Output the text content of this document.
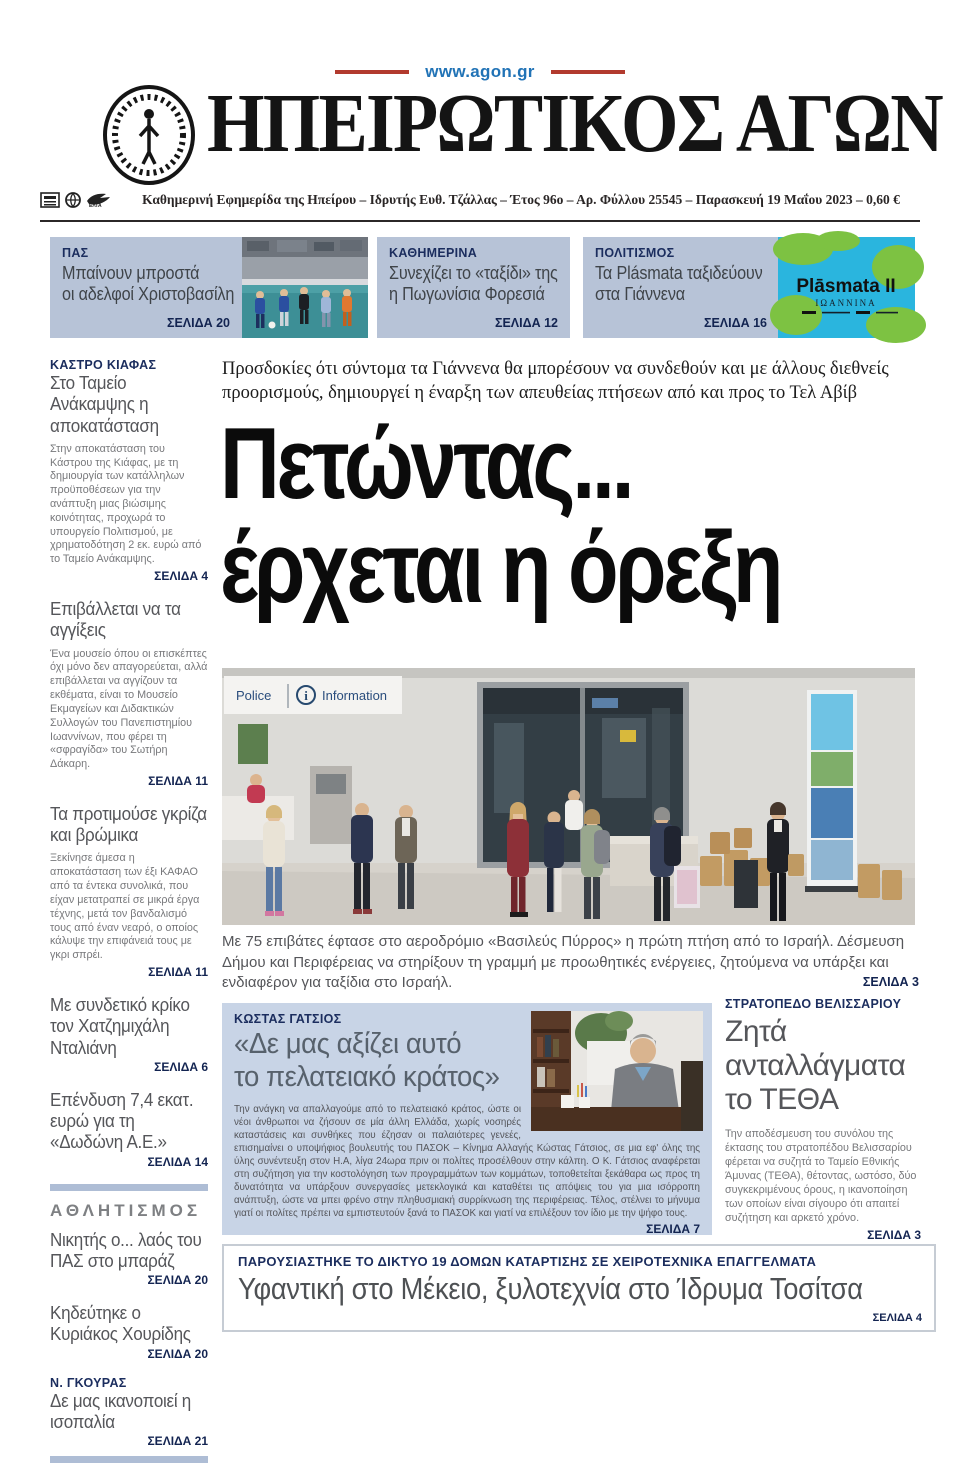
www.agon.gr
ΗΠΕΙΡΩΤΙΚΟΣ ΑΓΩΝ
ΕΛΤΑ	Καθημερινή Εφημερίδα της Ηπείρου – Ιδρυτής Ευθ. Τζάλλας – Έτος 96ο – Αρ. Φύλλου 25545 – Παρασκευή 19 Μαΐου 2023 – 0,60 €
ΠΑΣ
Μπαίνουν μπροστά
οι αδελφοί Χριστοβασίλη
ΣΕΛΙΔΑ 20
ΚΑΘΗΜΕΡΙΝΑ
Συνεχίζει το «ταξίδι» της
η Πωγωνίσια Φορεσιά
ΣΕΛΙΔΑ 12
ΠΟΛΙΤΙΣΜΟΣ
Τα Plásmata ταξιδεύουν
στα Γιάννενα
ΣΕΛΙΔΑ 16
Plāsmata II
ΙΩΑΝΝΙΝΑ
ΚΑΣΤΡΟ ΚΙΑΦΑΣ
Στο Ταμείο Ανάκαμψης η αποκατάσταση
Στην αποκατάσταση του Κάστρου της Κιάφας, με τη δημιουργία των κατάλληλων προϋποθέσεων για την ανάπτυξη μιας βιώσιμης κοινότητας, προχωρά το υπουργείο Πολιτισμού, με χρηματοδότηση 2 εκ. ευρώ από το Ταμείο Ανάκαμψης.
ΣΕΛΙΔΑ 4
Επιβάλλεται να τα αγγίξεις
Ένα μουσείο όπου οι επισκέπτες όχι μόνο δεν απαγορεύεται, αλλά επιβάλλεται να αγγίζουν τα εκθέματα, είναι το Μουσείο Εκμαγείων και Διδακτικών Συλλογών του Πανεπιστημίου Ιωαννίνων, που φέρει τη «σφραγίδα» του Σωτήρη Δάκαρη.
ΣΕΛΙΔΑ 11
Τα προτιμούσε γκρίζα και βρώμικα
Ξεκίνησε άμεσα η αποκατάσταση των έξι ΚΑΦΑΟ από τα έντεκα συνολικά, που είχαν μετατραπεί σε μικρά έργα τέχνης, μετά τον βανδαλισμό τους από έναν νεαρό, ο οποίος κάλυψε την επιφάνειά τους με γκρι σπρέι.
ΣΕΛΙΔΑ 11
Με συνδετικό κρίκο τον Χατζημιχάλη Νταλιάνη
ΣΕΛΙΔΑ 6
Επένδυση 7,4 εκατ. ευρώ για τη «Δωδώνη Α.Ε.»
ΣΕΛΙΔΑ 14
ΑΘΛΗΤΙΣΜΟΣ
Νικητής ο... λαός του ΠΑΣ στο μπαράζ
ΣΕΛΙΔΑ 20
Κηδεύτηκε ο Κυριάκος Χουρίδης
ΣΕΛΙΔΑ 20
Ν. ΓΚΟΥΡΑΣ
Δε μας ικανοποιεί η ισοπαλία
ΣΕΛΙΔΑ 21
Προσδοκίες ότι σύντομα τα Γιάννενα θα μπορέσουν να συνδεθούν και με άλλους διεθνείς προορισμούς, δημιουργεί η έναρξη των απευθείας πτήσεων από και προς το Τελ Αβίβ
Πετώντας...
έρχεται η όρεξη
Police	i Information
Με 75 επιβάτες έφτασε στο αεροδρόμιο «Βασιλεύς Πύρρος» η πρώτη πτήση από το Ισραήλ. Δέσμευση Δήμου και Περιφέρειας να στηρίξουν τη γραμμή με προωθητικές ενέργειες, ζητούμενα να υπάρξει και ενδιαφέρον για ταξίδια στο Ισραήλ.	ΣΕΛΙΔΑ 3
ΚΩΣΤΑΣ ΓΑΤΣΙΟΣ
«Δε μας αξίζει αυτό
το πελατειακό κράτος»
Την ανάγκη να απαλλαγούμε από το πελατειακό κράτος, ώστε οι νέοι άνθρωποι να ζήσουν σε μία άλλη Ελλάδα, χωρίς νοσηρές καταστάσεις και συνθήκες που έζησαν οι παλαιότερες γενεές, επισημαίνει ο υποψήφιος βουλευτής του ΠΑΣΟΚ – Κίνημα Αλλαγής Κώστας Γάτσιος, σε μια εφ' όλης της ύλης συνέντευξη στον Η.Α, λίγα 24ωρα πριν οι πολίτες προσέλθουν στην κάλπη. Ο Κ. Γάτσιος αναφέρεται στη συζήτηση για την κοστολόγηση των προγραμμάτων των κομμάτων, τοποθετείται ξεκάθαρα ως προς τη δυνατότητα να υπάρξουν συνεργασίες μετεκλογικά και καταθέτει τις απόψεις του για μια ισόρροπη ανάπτυξη, ώστε να μπει φρένο στην πληθυσμιακή συρρίκνωση της περιφέρειας. Τέλος, στέλνει το μήνυμα γιατί οι πολίτες πρέπει να εμπιστευτούν ξανά το ΠΑΣΟΚ και γιατί να επιλέξουν τον ίδιο με την ψήφο τους.
ΣΕΛΙΔΑ 7
ΣΤΡΑΤΟΠΕΔΟ ΒΕΛΙΣΣΑΡΙΟΥ
Ζητά ανταλλάγματα το ΤΕΘΑ
Την αποδέσμευση του συνόλου της έκτασης του στρατοπέδου Βελισσαρίου φέρεται να συζητά το Ταμείο Εθνικής Άμυνας (ΤΕΘΑ), θέτοντας, ωστόσο, δύο συγκεκριμένους όρους, η ικανοποίηση των οποίων είναι σίγουρο ότι απαιτεί συζήτηση και αρκετό χρόνο.
ΣΕΛΙΔΑ 3
ΠΑΡΟΥΣΙΑΣΤΗΚΕ ΤΟ ΔΙΚΤΥΟ 19 ΔΟΜΩΝ ΚΑΤΑΡΤΙΣΗΣ ΣΕ ΧΕΙΡΟΤΕΧΝΙΚΑ ΕΠΑΓΓΕΛΜΑΤΑ
Υφαντική στο Μέκειο, ξυλοτεχνία στο Ίδρυμα Τοσίτσα
ΣΕΛΙΔΑ 4
